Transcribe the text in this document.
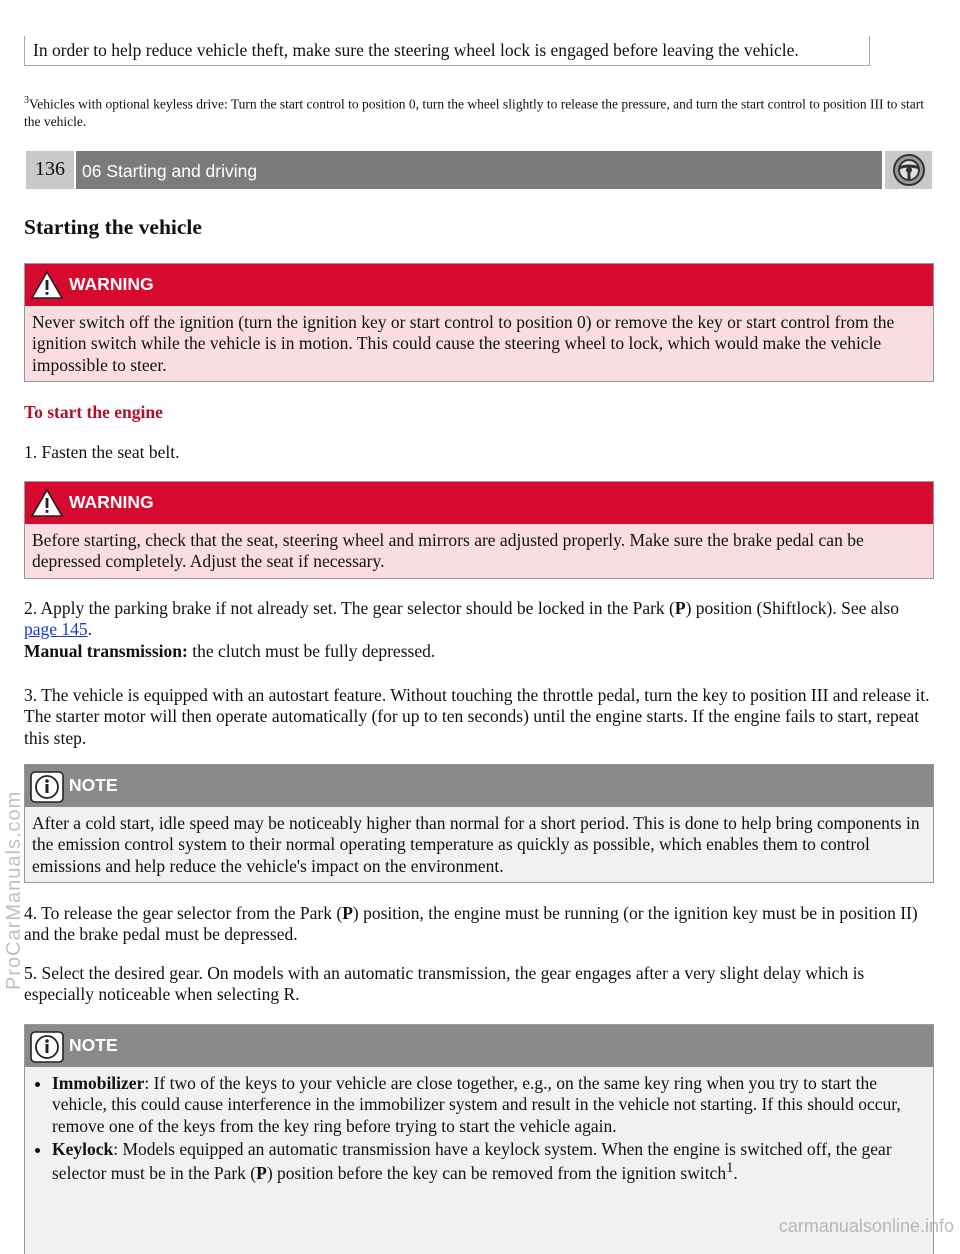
In order to help reduce vehicle theft, make sure the steering wheel lock is engaged before leaving the vehicle.
$^3$Vehicles with optional keyless drive: Turn the start control to position 0, turn the wheel slightly to release the pressure, and turn the start control to position III to start the vehicle.
136 06 Starting and driving
Starting the vehicle
WARNING
Never switch off the ignition (turn the ignition key or start control to position 0) or remove the key or start control from the ignition switch while the vehicle is in motion. This could cause the steering wheel to lock, which would make the vehicle impossible to steer.
To start the engine

1. Fasten the seat belt.

WARNING
Before starting, check that the seat, steering wheel and mirrors are adjusted properly. Make sure the brake pedal can be depressed completely. Adjust the seat if necessary.

2. Apply the parking brake if not already set. The gear selector should be locked in the Park (P) position (Shiftlock). See also page 145.
Manual transmission: the clutch must be fully depressed.

3. The vehicle is equipped with an autostart feature. Without touching the throttle pedal, turn the key to position III and release it. The starter motor will then operate automatically (for up to ten seconds) until the engine starts. If the engine fails to start, repeat this step.

NOTE
After a cold start, idle speed may be noticeably higher than normal for a short period. This is done to help bring components in the emission control system to their normal operating temperature as quickly as possible, which enables them to control emissions and help reduce the vehicle's impact on the environment.

4. To release the gear selector from the Park (P) position, the engine must be running (or the ignition key must be in position II) and the brake pedal must be depressed.

5. Select the desired gear. On models with an automatic transmission, the gear engages after a very slight delay which is especially noticeable when selecting R.

NOTE
• Immobilizer: If two of the keys to your vehicle are close together, e.g., on the same key ring when you try to start the vehicle, this could cause interference in the immobilizer system and result in the vehicle not starting. If this should occur, remove one of the keys from the key ring before trying to start the vehicle again.
• Keylock: Models equipped an automatic transmission have a keylock system. When the engine is switched off, the gear selector must be in the Park (P) position before the key can be removed from the ignition switch$^1$.
ProCarManuals.com
carmanualsonline.info
